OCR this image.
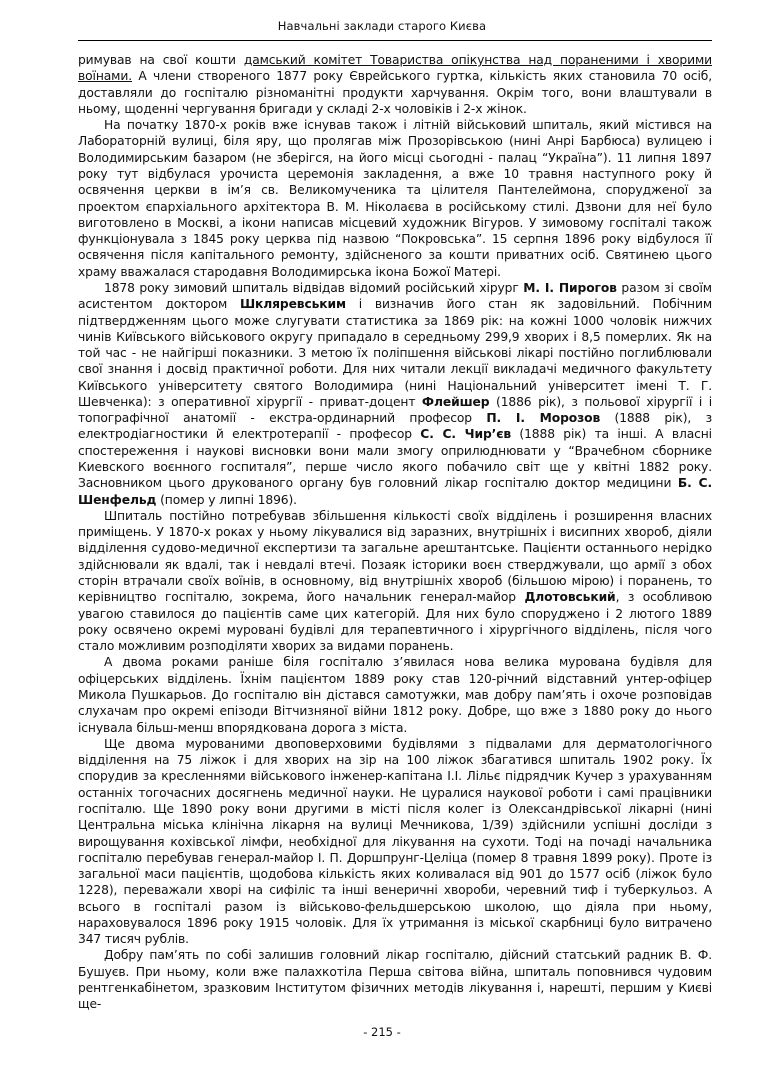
Навчальні заклади старого Києва

римував на свої кошти дамський комітет Товариства опікунства над пораненими і хворими воїнами. А члени створеного 1877 року Єврейського гуртка, кількість яких становила 70 осіб, доставляли до госпіталю різноманітні продукти харчування. Окрім того, вони влаштували в ньому, щоденні чергування бригади у складі 2-х чоловіків і 2-х жінок.

На початку 1870-х років вже існував також і літній військовий шпиталь, який містився на Лабораторній вулиці, біля яру, що пролягав між Прозорівською (нині Анрі Барбюса) вулицею і Володимирським базаром (не зберігся, на його місці сьогодні - палац “Україна”). 11 липня 1897 року тут відбулася урочиста церемонія закладення, а вже 10 травня наступного року й освячення церкви в ім’я св. Великомученика та цілителя Пантелеймона, спорудженої за проектом єпархіального архітектора В. М. Ніколаєва в російському стилі. Дзвони для неї було виготовлено в Москві, а ікони написав місцевий художник Вігуров. У зимовому госпіталі також функціонувала з 1845 року церква під назвою “Покровська”. 15 серпня 1896 року відбулося її освячення після капітального ремонту, здійсненого за кошти приватних осіб. Святинею цього храму вважалася стародавня Володимирська ікона Божої Матері.

1878 року зимовий шпиталь відвідав відомий російський хірург М. І. Пирогов разом зі своїм асистентом доктором Шкляревським і визначив його стан як задовільний. Побічним підтвердженням цього може слугувати статистика за 1869 рік: на кожні 1000 чоловік нижчих чинів Київського військового округу припадало в середньому 299,9 хворих і 8,5 померлих. Як на той час - не найгірші показники. З метою їх поліпшення військові лікарі постійно поглиблювали свої знання і досвід практичної роботи. Для них читали лекції викладачі медичного факультету Київського університету святого Володимира (нині Національний університет імені Т. Г. Шевченка): з оперативної хірургії - приват-доцент Флейшер (1886 рік), з польової хірургії і і топографічної анатомії - екстра-ординарний професор П. І. Морозов (1888 рік), з електродіагностики й електротерапії - професор С. С. Чир’єв (1888 рік) та інші. А власні спостереження і наукові висновки вони мали змогу оприлюднювати у “Врачебном сборнике Киевского воєнного госпиталя”, перше число якого побачило світ ще у квітні 1882 року. Засновником цього друкованого органу був головний лікар госпіталю доктор медицини Б. С. Шенфельд (помер у липні 1896).

Шпиталь постійно потребував збільшення кількості своїх відділень і розширення власних приміщень. У 1870-х роках у ньому лікувалися від заразних, внутрішніх і висипних хвороб, діяли відділення судово-медичної експертизи та загальне арештантське. Пацієнти останнього нерідко здійснювали як вдалі, так і невдалі втечі. Позаяк історики воєн стверджували, що армії з обох сторін втрачали своїх воїнів, в основному, від внутрішніх хвороб (більшою мірою) і поранень, то керівництво госпіталю, зокрема, його начальник генерал-майор Длотовський, з особливою увагою ставилося до пацієнтів саме цих категорій. Для них було споруджено і 2 лютого 1889 року освячено окремі муровані будівлі для терапевтичного і хірургічного відділень, після чого стало можливим розподіляти хворих за видами поранень.

А двома роками раніше біля госпіталю з’явилася нова велика мурована будівля для офіцерських відділень. Їхнім пацієнтом 1889 року став 120-річний відставний унтер-офіцер Микола Пушкарьов. До госпіталю він дістався самотужки, мав добру пам’ять і охоче розповідав слухачам про окремі епізоди Вітчизняної війни 1812 року. Добре, що вже з 1880 року до нього існувала більш-менш впорядкована дорога з міста.

Ще двома мурованими двоповерховими будівлями з підвалами для дерматологічного відділення на 75 ліжок і для хворих на зір на 100 ліжок збагатився шпиталь 1902 року. Їх спорудив за кресленнями військового інженер-капітана І.І. Лільє підрядчик Кучер з урахуванням останніх тогочасних досягнень медичної науки. Не цуралися наукової роботи і самі працівники госпіталю. Ще 1890 року вони другими в місті після колег із Олександрівської лікарні (нині Центральна міська клінічна лікарня на вулиці Мечникова, 1/39) здійснили успішні досліди з вирощування кохівської лімфи, необхідної для лікування на сухоти. Тоді на почаді начальника госпіталю перебував генерал-майор І. П. Доршпрунг-Целіца (помер 8 травня 1899 року). Проте із загальної маси пацієнтів, щодобова кількість яких коливалася від 901 до 1577 осіб (ліжок було 1228), переважали хворі на сифіліс та інші венеричні хвороби, черевний тиф і туберкульоз. А всього в госпіталі разом із військово-фельдшерською школою, що діяла при ньому, нараховувалося 1896 року 1915 чоловік. Для їх утримання із міської скарбниці було витрачено 347 тисяч рублів.

Добру пам’ять по собі залишив головний лікар госпіталю, дійсний статський радник В. Ф. Бушуєв. При ньому, коли вже палахкотіла Перша світова війна, шпиталь поповнився чудовим рентгенкабінетом, зразковим Інститутом фізичних методів лікування і, нарешті, першим у Києві ще-

- 215 -
